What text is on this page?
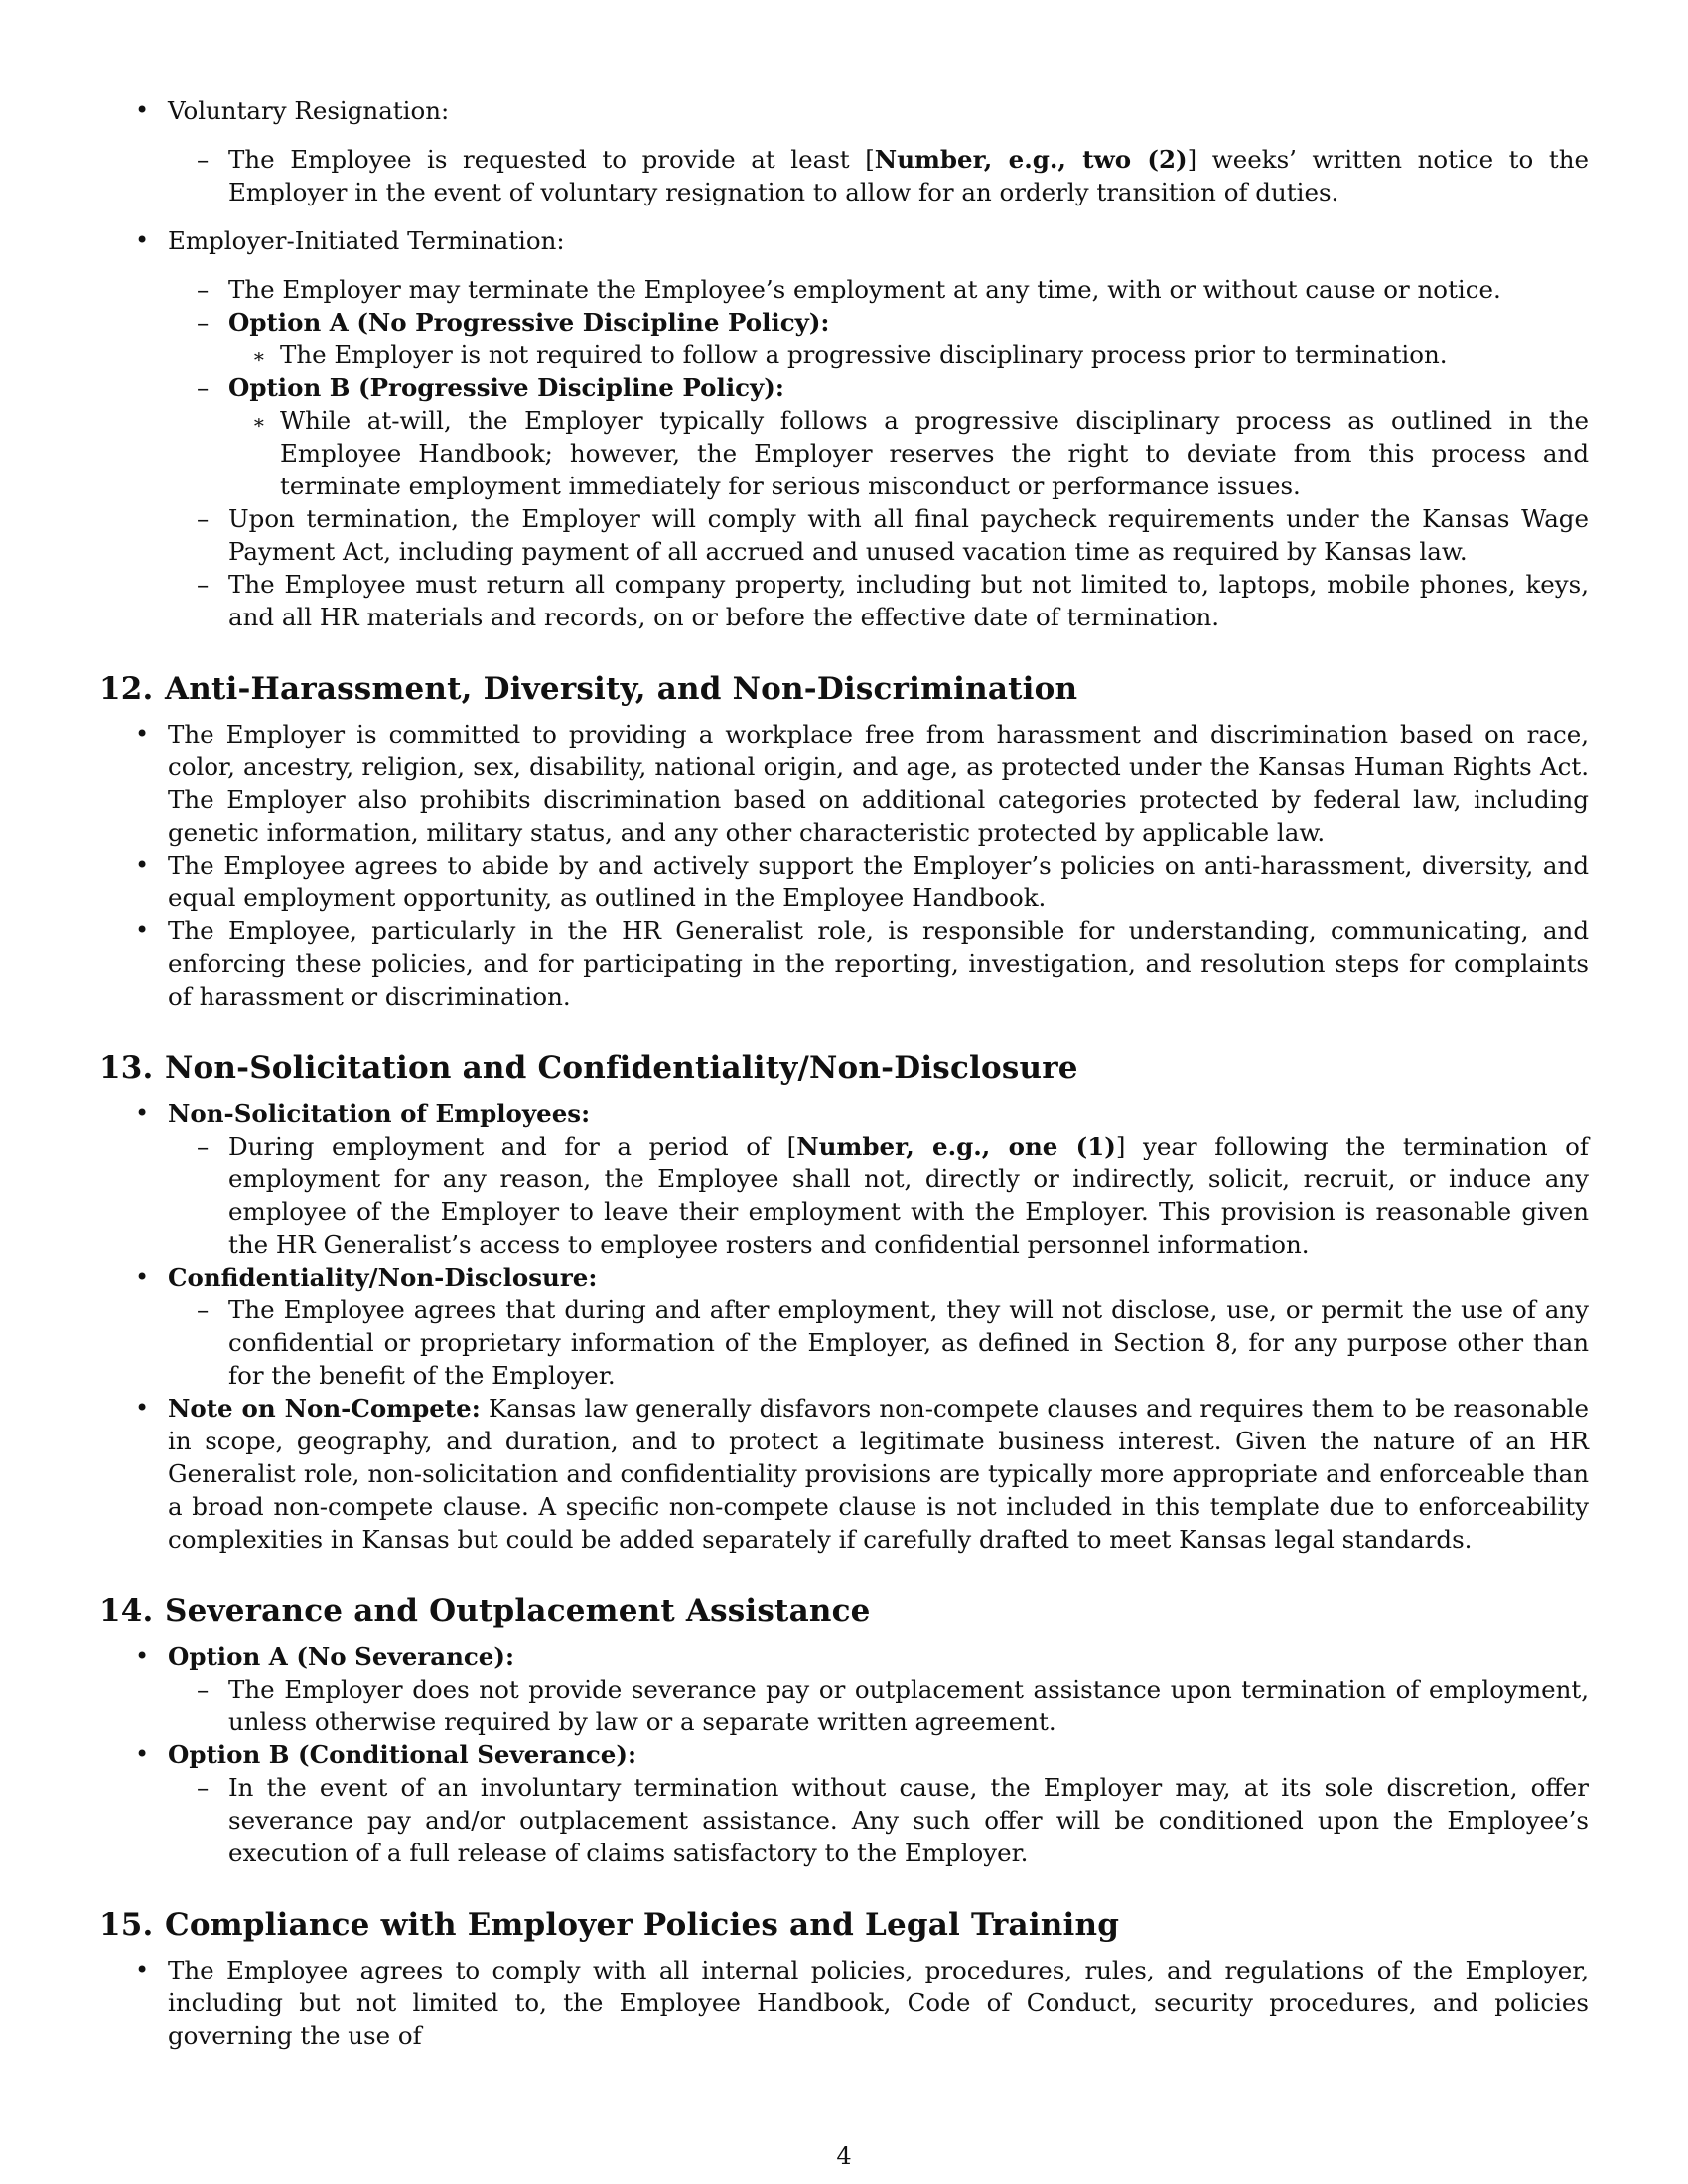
• Voluntary Resignation:
– The Employee is requested to provide at least [Number, e.g., two (2)] weeks’ written notice to the Employer in the event of voluntary resignation to allow for an orderly transition of duties.
• Employer-Initiated Termination:
– The Employer may terminate the Employee’s employment at any time, with or without cause or notice.
– Option A (No Progressive Discipline Policy):
∗ The Employer is not required to follow a progressive disciplinary process prior to termination.
– Option B (Progressive Discipline Policy):
∗ While at-will, the Employer typically follows a progressive disciplinary process as outlined in the Employee Handbook; however, the Employer reserves the right to deviate from this process and terminate employment immediately for serious misconduct or performance issues.
– Upon termination, the Employer will comply with all final paycheck requirements under the Kansas Wage Payment Act, including payment of all accrued and unused vacation time as required by Kansas law.
– The Employee must return all company property, including but not limited to, laptops, mobile phones, keys, and all HR materials and records, on or before the effective date of termination.
12. Anti-Harassment, Diversity, and Non-Discrimination
• The Employer is committed to providing a workplace free from harassment and discrimination based on race, color, ancestry, religion, sex, disability, national origin, and age, as protected under the Kansas Human Rights Act. The Employer also prohibits discrimination based on additional categories protected by federal law, including genetic information, military status, and any other characteristic protected by applicable law.
• The Employee agrees to abide by and actively support the Employer’s policies on anti-harassment, diversity, and equal employment opportunity, as outlined in the Employee Handbook.
• The Employee, particularly in the HR Generalist role, is responsible for understanding, communicating, and enforcing these policies, and for participating in the reporting, investigation, and resolution steps for complaints of harassment or discrimination.
13. Non-Solicitation and Confidentiality/Non-Disclosure
• Non-Solicitation of Employees:
– During employment and for a period of [Number, e.g., one (1)] year following the termination of employment for any reason, the Employee shall not, directly or indirectly, solicit, recruit, or induce any employee of the Employer to leave their employment with the Employer. This provision is reasonable given the HR Generalist’s access to employee rosters and confidential personnel information.
• Confidentiality/Non-Disclosure:
– The Employee agrees that during and after employment, they will not disclose, use, or permit the use of any confidential or proprietary information of the Employer, as defined in Section 8, for any purpose other than for the benefit of the Employer.
• Note on Non-Compete: Kansas law generally disfavors non-compete clauses and requires them to be reasonable in scope, geography, and duration, and to protect a legitimate business interest. Given the nature of an HR Generalist role, non-solicitation and confidentiality provisions are typically more appropriate and enforceable than a broad non-compete clause. A specific non-compete clause is not included in this template due to enforceability complexities in Kansas but could be added separately if carefully drafted to meet Kansas legal standards.
14. Severance and Outplacement Assistance
• Option A (No Severance):
– The Employer does not provide severance pay or outplacement assistance upon termination of employment, unless otherwise required by law or a separate written agreement.
• Option B (Conditional Severance):
– In the event of an involuntary termination without cause, the Employer may, at its sole discretion, offer severance pay and/or outplacement assistance. Any such offer will be conditioned upon the Employee’s execution of a full release of claims satisfactory to the Employer.
15. Compliance with Employer Policies and Legal Training
• The Employee agrees to comply with all internal policies, procedures, rules, and regulations of the Employer, including but not limited to, the Employee Handbook, Code of Conduct, security procedures, and policies governing the use of
4
